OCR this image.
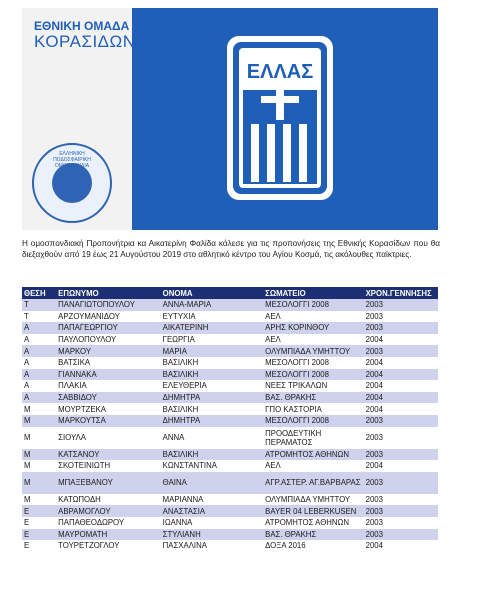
ΕΘΝΙΚΗ ΟΜΑΔΑ
ΚΟΡΑΣΙΔΩΝ
ΕΛΛΗΝΙΚΗ ΠΟΔΟΣΦΑΙΡΙΚΗ ΟΜΟΣΠΟΝΔΙΑ
ΕΛΛΑΣ
Η ομοσπονδιακή Προπονήτρια κα Αικατερίνη Φαλίδα κάλεσε για τις προπονήσεις της Εθνικής Κορασίδων που θα διεξαχθούν από 19 έως 21 Αυγούστου 2019 στο αθλητικό κέντρο του Αγίου Κοσμά, τις ακόλουθες παίκτριες.
ΘΕΣΗ	ΕΠΩΝΥΜΟ	ΟΝΟΜΑ	ΣΩΜΑΤΕΙΟ	ΧΡΟΝ.ΓΕΝΝΗΣΗΣ
Τ	ΠΑΝΑΓΙΩΤΟΠΟΥΛΟΥ	ΑΝΝΑ-ΜΑΡΙΑ	ΜΕΣΟΛΟΓΓΙ 2008	2003
Τ	ΑΡΖΟΥΜΑΝΙΔΟΥ	ΕΥΤΥΧΙΑ	ΑΕΛ	2003
Α	ΠΑΠΑΓΕΩΡΓΙΟΥ	ΑΙΚΑΤΕΡΙΝΗ	ΑΡΗΣ ΚΟΡΙΝΘΟΥ	2003
Α	ΠΑΥΛΟΠΟΥΛΟΥ	ΓΕΩΡΓΙΑ	ΑΕΛ	2004
Α	ΜΑΡΚΟΥ	ΜΑΡΙΑ	ΟΛΥΜΠΙΑΔΑ ΥΜΗΤΤΟΥ	2003
Α	ΒΑΤΣΙΚΑ	ΒΑΣΙΛΙΚΗ	ΜΕΣΟΛΟΓΓΙ 2008	2004
Α	ΓΙΑΝΝΑΚΑ	ΒΑΣΙΛΙΚΗ	ΜΕΣΟΛΟΓΓΙ 2008	2004
Α	ΠΛΑΚΙΑ	ΕΛΕΥΘΕΡΙΑ	ΝΕΕΣ ΤΡΙΚΑΛΩΝ	2004
Α	ΣΑΒΒΙΔΟΥ	ΔΗΜΗΤΡΑ	ΒΑΣ. ΘΡΑΚΗΣ	2004
Μ	ΜΟΥΡΤΖΕΚΑ	ΒΑΣΙΛΙΚΗ	ΓΠΟ ΚΑΣΤΟΡΙΑ	2004
Μ	ΜΑΡΚΟΥΤΣΑ	ΔΗΜΗΤΡΑ	ΜΕΣΟΛΟΓΓΙ 2008	2003
Μ	ΣΙΟΥΛΑ	ΑΝΝΑ	ΠΡΟΟΔΕΥΤΙΚΗ ΠΕΡΑΜΑΤΟΣ	2003
Μ	ΚΑΤΣΑΝΟΥ	ΒΑΣΙΛΙΚΗ	ΑΤΡΟΜΗΤΟΣ ΑΘΗΝΩΝ	2003
Μ	ΣΚΟΤΕΙΝΙΩΤΗ	ΚΩΝΣΤΑΝΤΙΝΑ	ΑΕΛ	2004
Μ	ΜΠΑΞΕΒΑΝΟΥ	ΘΑΙΝΑ	ΑΓΡ.ΑΣΤΕΡ. ΑΓ.ΒΑΡΒΑΡΑΣ	2003
Μ	ΚΑΤΩΠΟΔΗ	ΜΑΡΙΑΝΝΑ	ΟΛΥΜΠΙΑΔΑ ΥΜΗΤΤΟΥ	2003
Ε	ΑΒΡΑΜΟΓΛΟΥ	ΑΝΑΣΤΑΣΙΑ	BAYER 04 LEBERKUSEN	2003
Ε	ΠΑΠΑΘΕΟΔΩΡΟΥ	ΙΩΑΝΝΑ	ΑΤΡΟΜΗΤΟΣ ΑΘΗΝΩΝ	2003
Ε	ΜΑΥΡΟΜΑΤΗ	ΣΤΥΛΙΑΝΗ	ΒΑΣ. ΘΡΑΚΗΣ	2003
Ε	ΤΟΥΡΕΤΖΟΓΛΟΥ	ΠΑΣΧΑΛΙΝΑ	ΔΟΞΑ 2016	2004
